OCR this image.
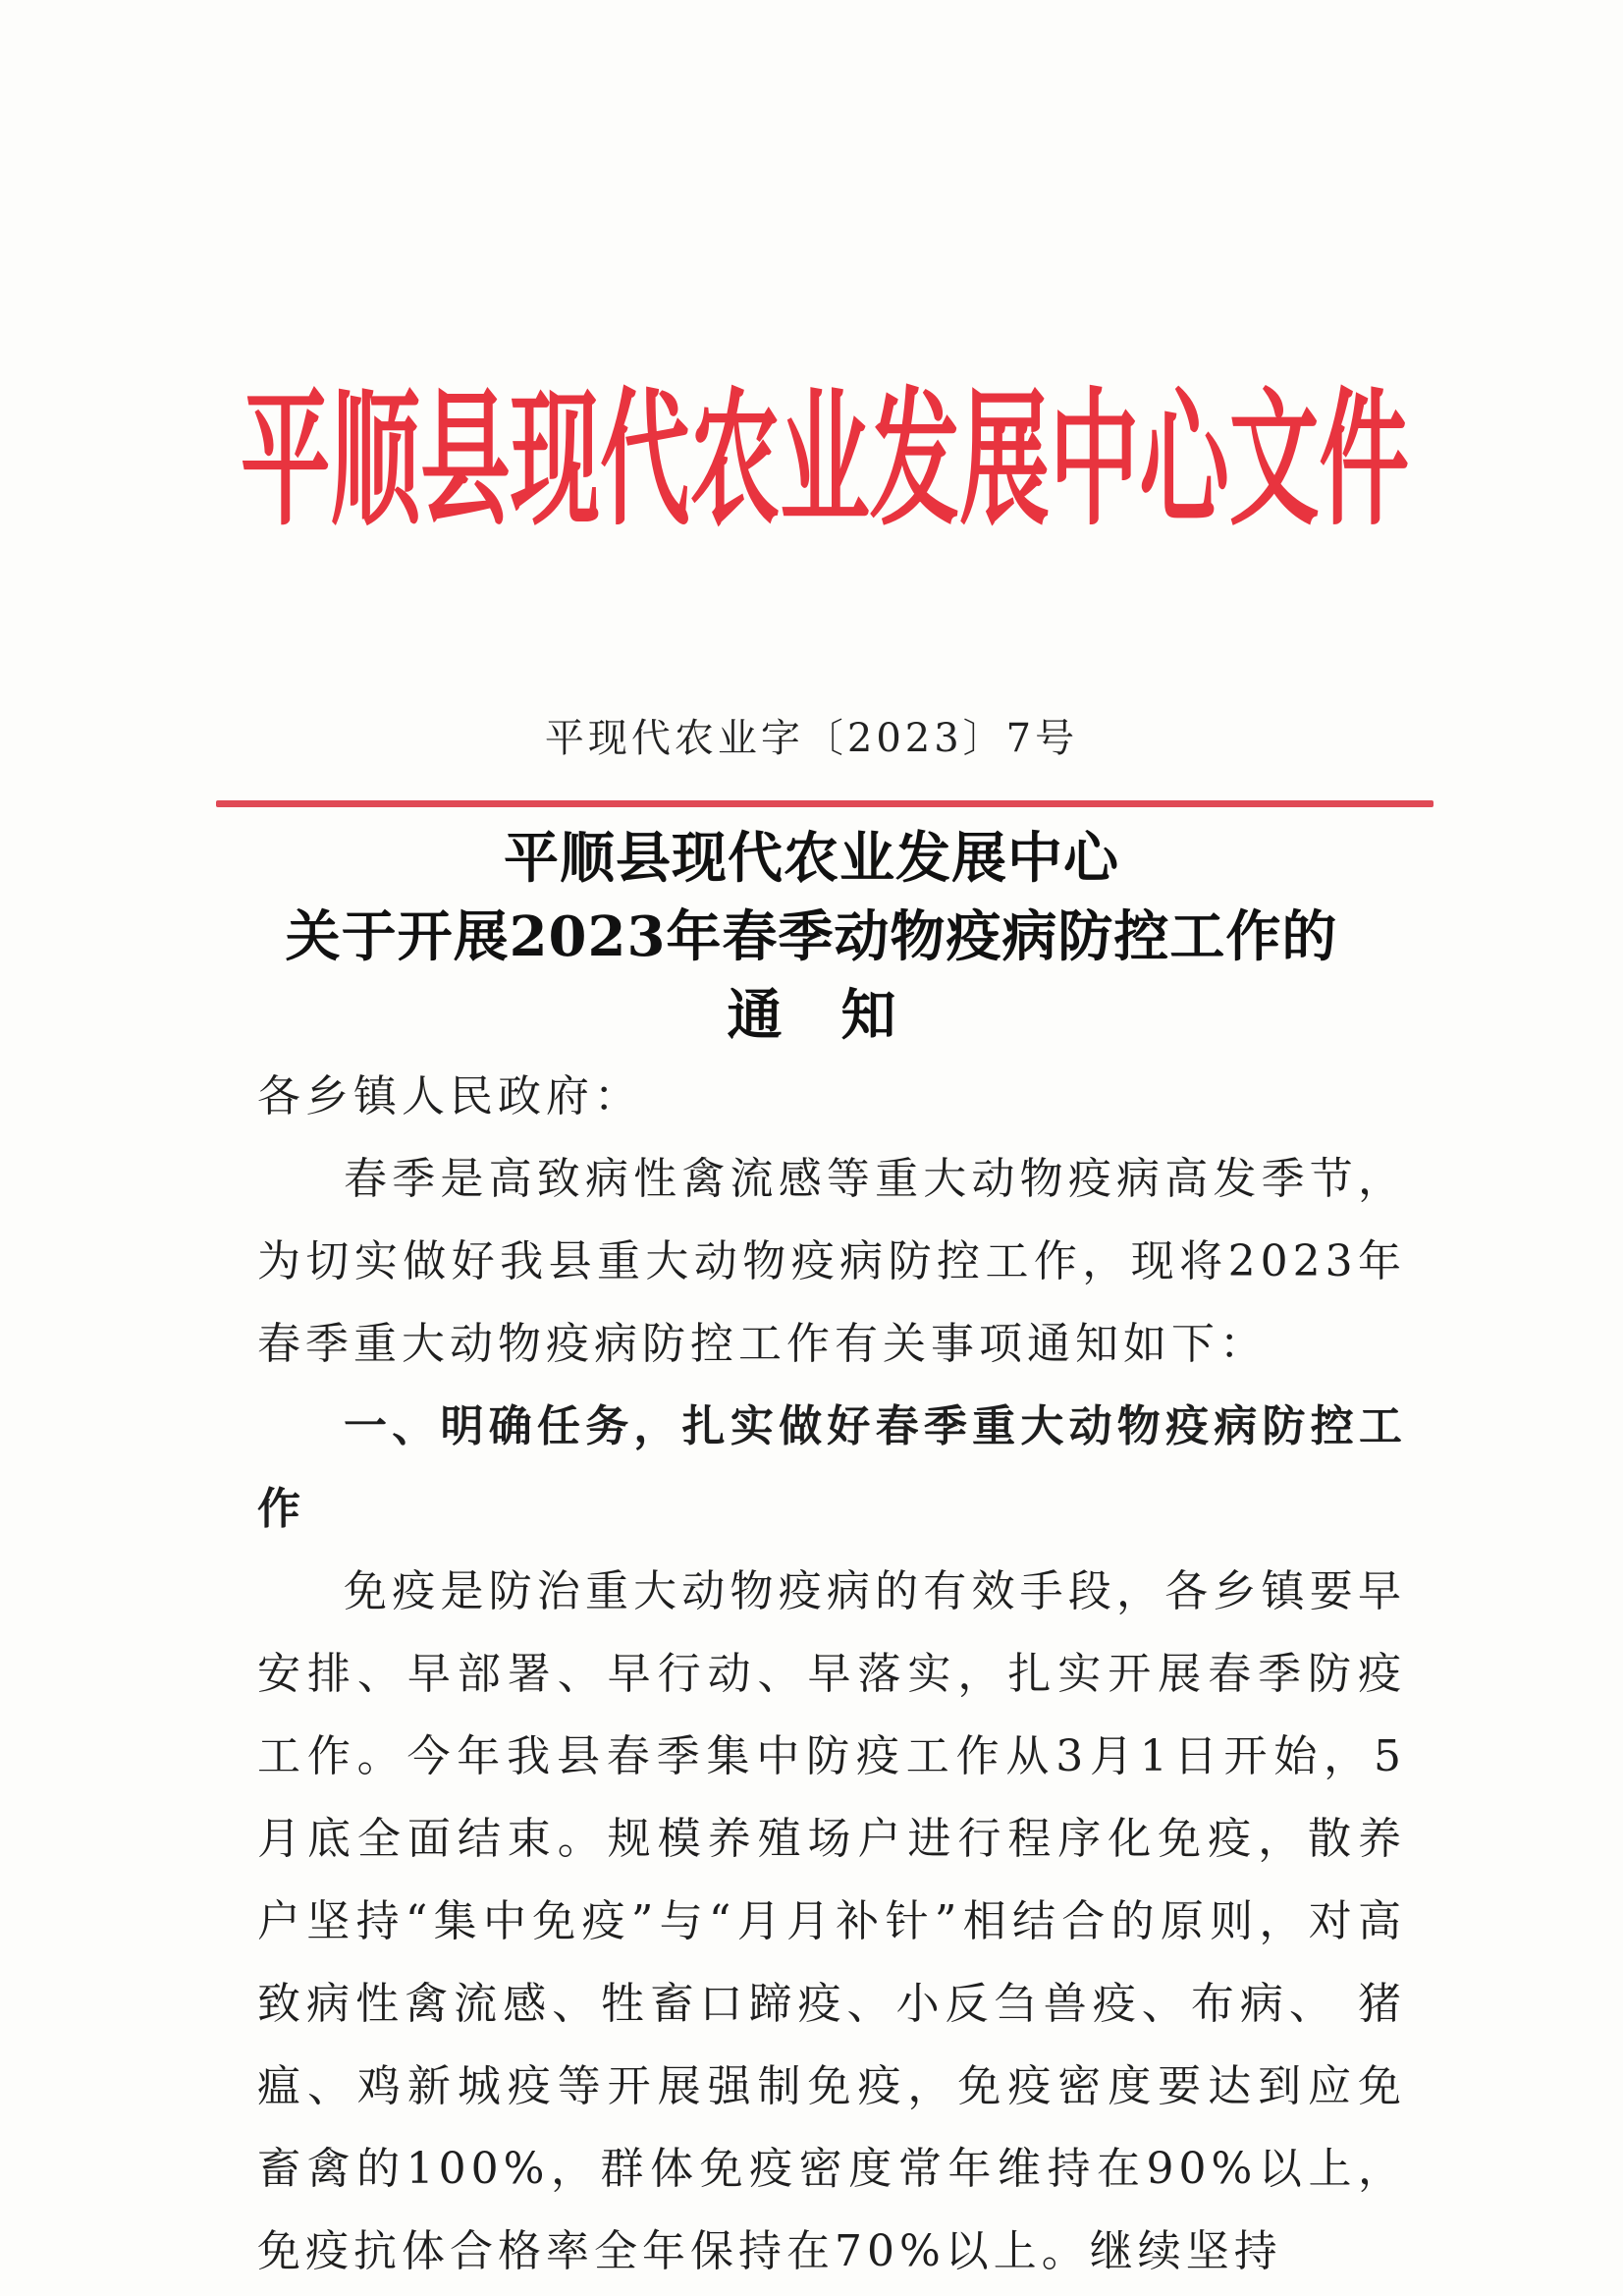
平顺县现代农业发展中心文件
平现代农业字〔2023〕7号
平顺县现代农业发展中心
关于开展2023年春季动物疫病防控工作的
通知

各乡镇人民政府：

春季是高致病性禽流感等重大动物疫病高发季节，为切实做好我县重大动物疫病防控工作，现将2023年春季重大动物疫病防控工作有关事项通知如下：

一、明确任务，扎实做好春季重大动物疫病防控工作

免疫是防治重大动物疫病的有效手段，各乡镇要早安排、早部署、早行动、早落实，扎实开展春季防疫工作。今年我县春季集中防疫工作从3月1日开始，5月底全面结束。规模养殖场户进行程序化免疫，散养户坚持“集中免疫”与“月月补针”相结合的原则，对高致病性禽流感、牲畜口蹄疫、小反刍兽疫、布病、 猪瘟、鸡新城疫等开展强制免疫，免疫密度要达到应免畜禽的100%，群体免疫密度常年维持在90%以上，免疫抗体合格率全年保持在70%以上。继续坚持
